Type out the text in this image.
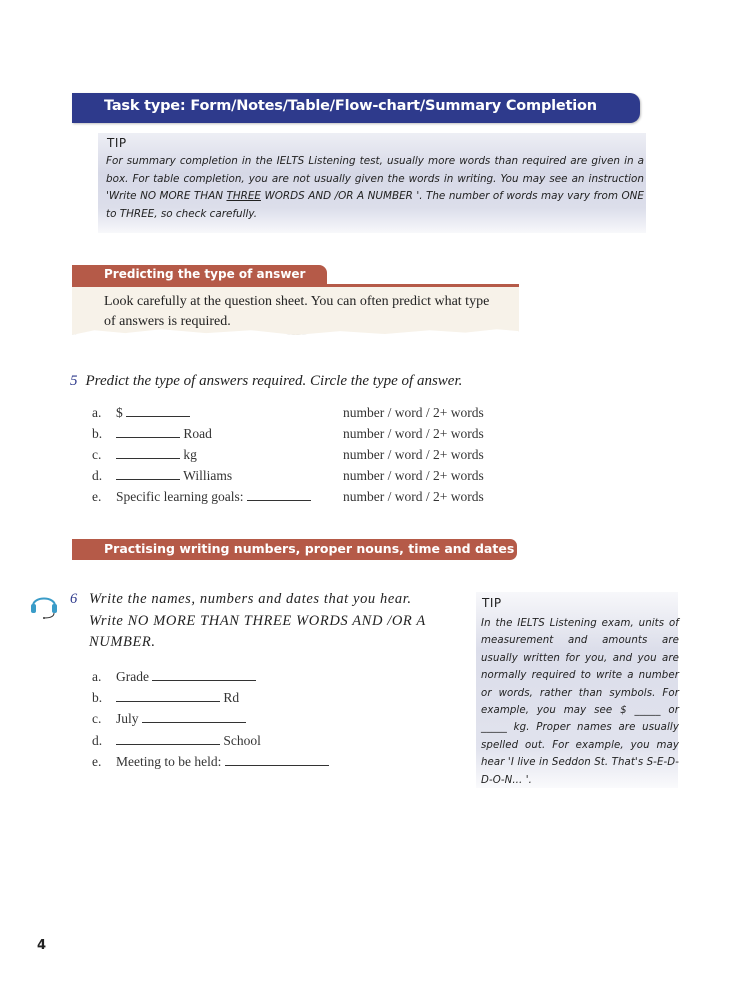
Task type: Form/Notes/Table/Flow-chart/Summary Completion
TIP
For summary completion in the IELTS Listening test, usually more words than required are given in a box. For table completion, you are not usually given the words in writing. You may see an instruction 'Write NO MORE THAN THREE WORDS AND /OR A NUMBER '. The number of words may vary from ONE to THREE, so check carefully.
Predicting the type of answer
Look carefully at the question sheet. You can often predict what type of answers is required.
5 Predict the type of answers required. Circle the type of answer.
a.	$	number / word / 2+ words
b.	Road	number / word / 2+ words
c.	kg	number / word / 2+ words
d.	Williams	number / word / 2+ words
e.	Specific learning goals:	number / word / 2+ words
Practising writing numbers, proper nouns, time and dates
6 Write the names, numbers and dates that you hear. Write NO MORE THAN THREE WORDS AND /OR A NUMBER.
a.	Grade
b.	Rd
c.	July
d.	School
e.	Meeting to be held:
TIP
In the IELTS Listening exam, units of measurement and amounts are usually written for you, and you are normally required to write a number or words, rather than symbols. For example, you may see $ _____ or _____ kg. Proper names are usually spelled out. For example, you may hear 'I live in Seddon St. That's S-E-D-D-O-N... '.
4
